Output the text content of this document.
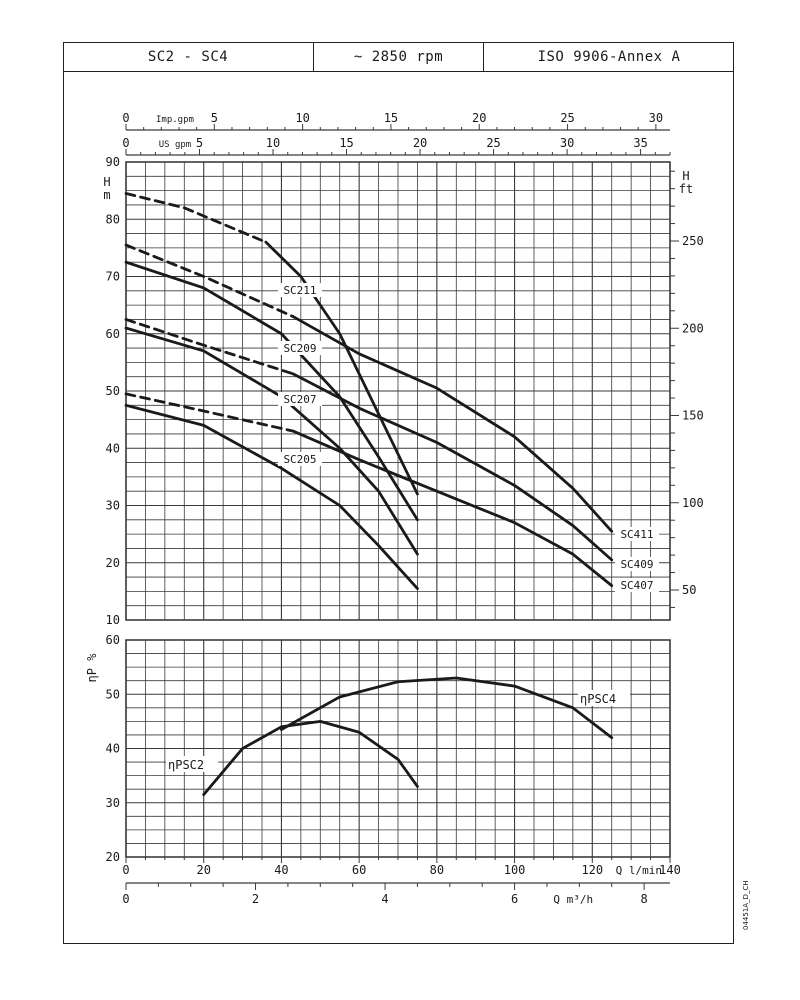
SC2 - SC4	~ 2850 rpm	ISO 9906-Annex A
10
20
30
40
50
60
70
80
90
H
m
50
100
150
200
250
H
ft
0	5	10	15	20	25	30
Imp.gpm
0	5	10	15	20	25	30	35
US gpm
SC211
SC209
SC207
SC205
SC411
SC409
SC407
20
30
40
50
60
ηP %
ηPSC4
ηPSC2
0	20	40	60	80	100	120 Q l/min
140
0	2	4	6	8
Q m³/h	04451A_D_CH
